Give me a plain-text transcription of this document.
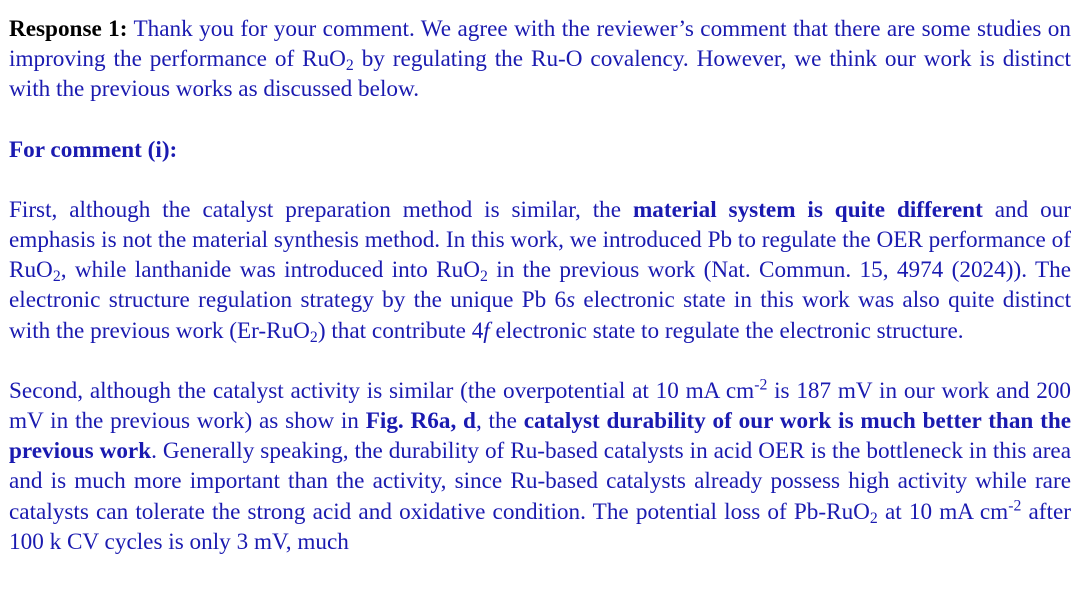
Response 1: Thank you for your comment. We agree with the reviewer’s comment that there are some studies on improving the performance of RuO$_2$ by regulating the Ru-O covalency. However, we think our work is distinct with the previous works as discussed below.

For comment (i):

First, although the catalyst preparation method is similar, the material system is quite different and our emphasis is not the material synthesis method. In this work, we introduced Pb to regulate the OER performance of RuO$_2$, while lanthanide was introduced into RuO$_2$ in the previous work (Nat. Commun. 15, 4974 (2024)). The electronic structure regulation strategy by the unique Pb 6s electronic state in this work was also quite distinct with the previous work (Er-RuO$_2$) that contribute 4f electronic state to regulate the electronic structure.

Second, although the catalyst activity is similar (the overpotential at 10 mA $cm^{-2}$ is 187 mV in our work and 200 mV in the previous work) as show in Fig. R6a, d, the catalyst durability of our work is much better than the previous work. Generally speaking, the durability of Ru-based catalysts in acid OER is the bottleneck in this area and is much more important than the activity, since Ru-based catalysts already possess high activity while rare catalysts can tolerate the strong acid and oxidative condition. The potential loss of Pb-RuO$_2$ at 10 mA $cm^{-2}$ after 100 k CV cycles is only 3 mV, much
